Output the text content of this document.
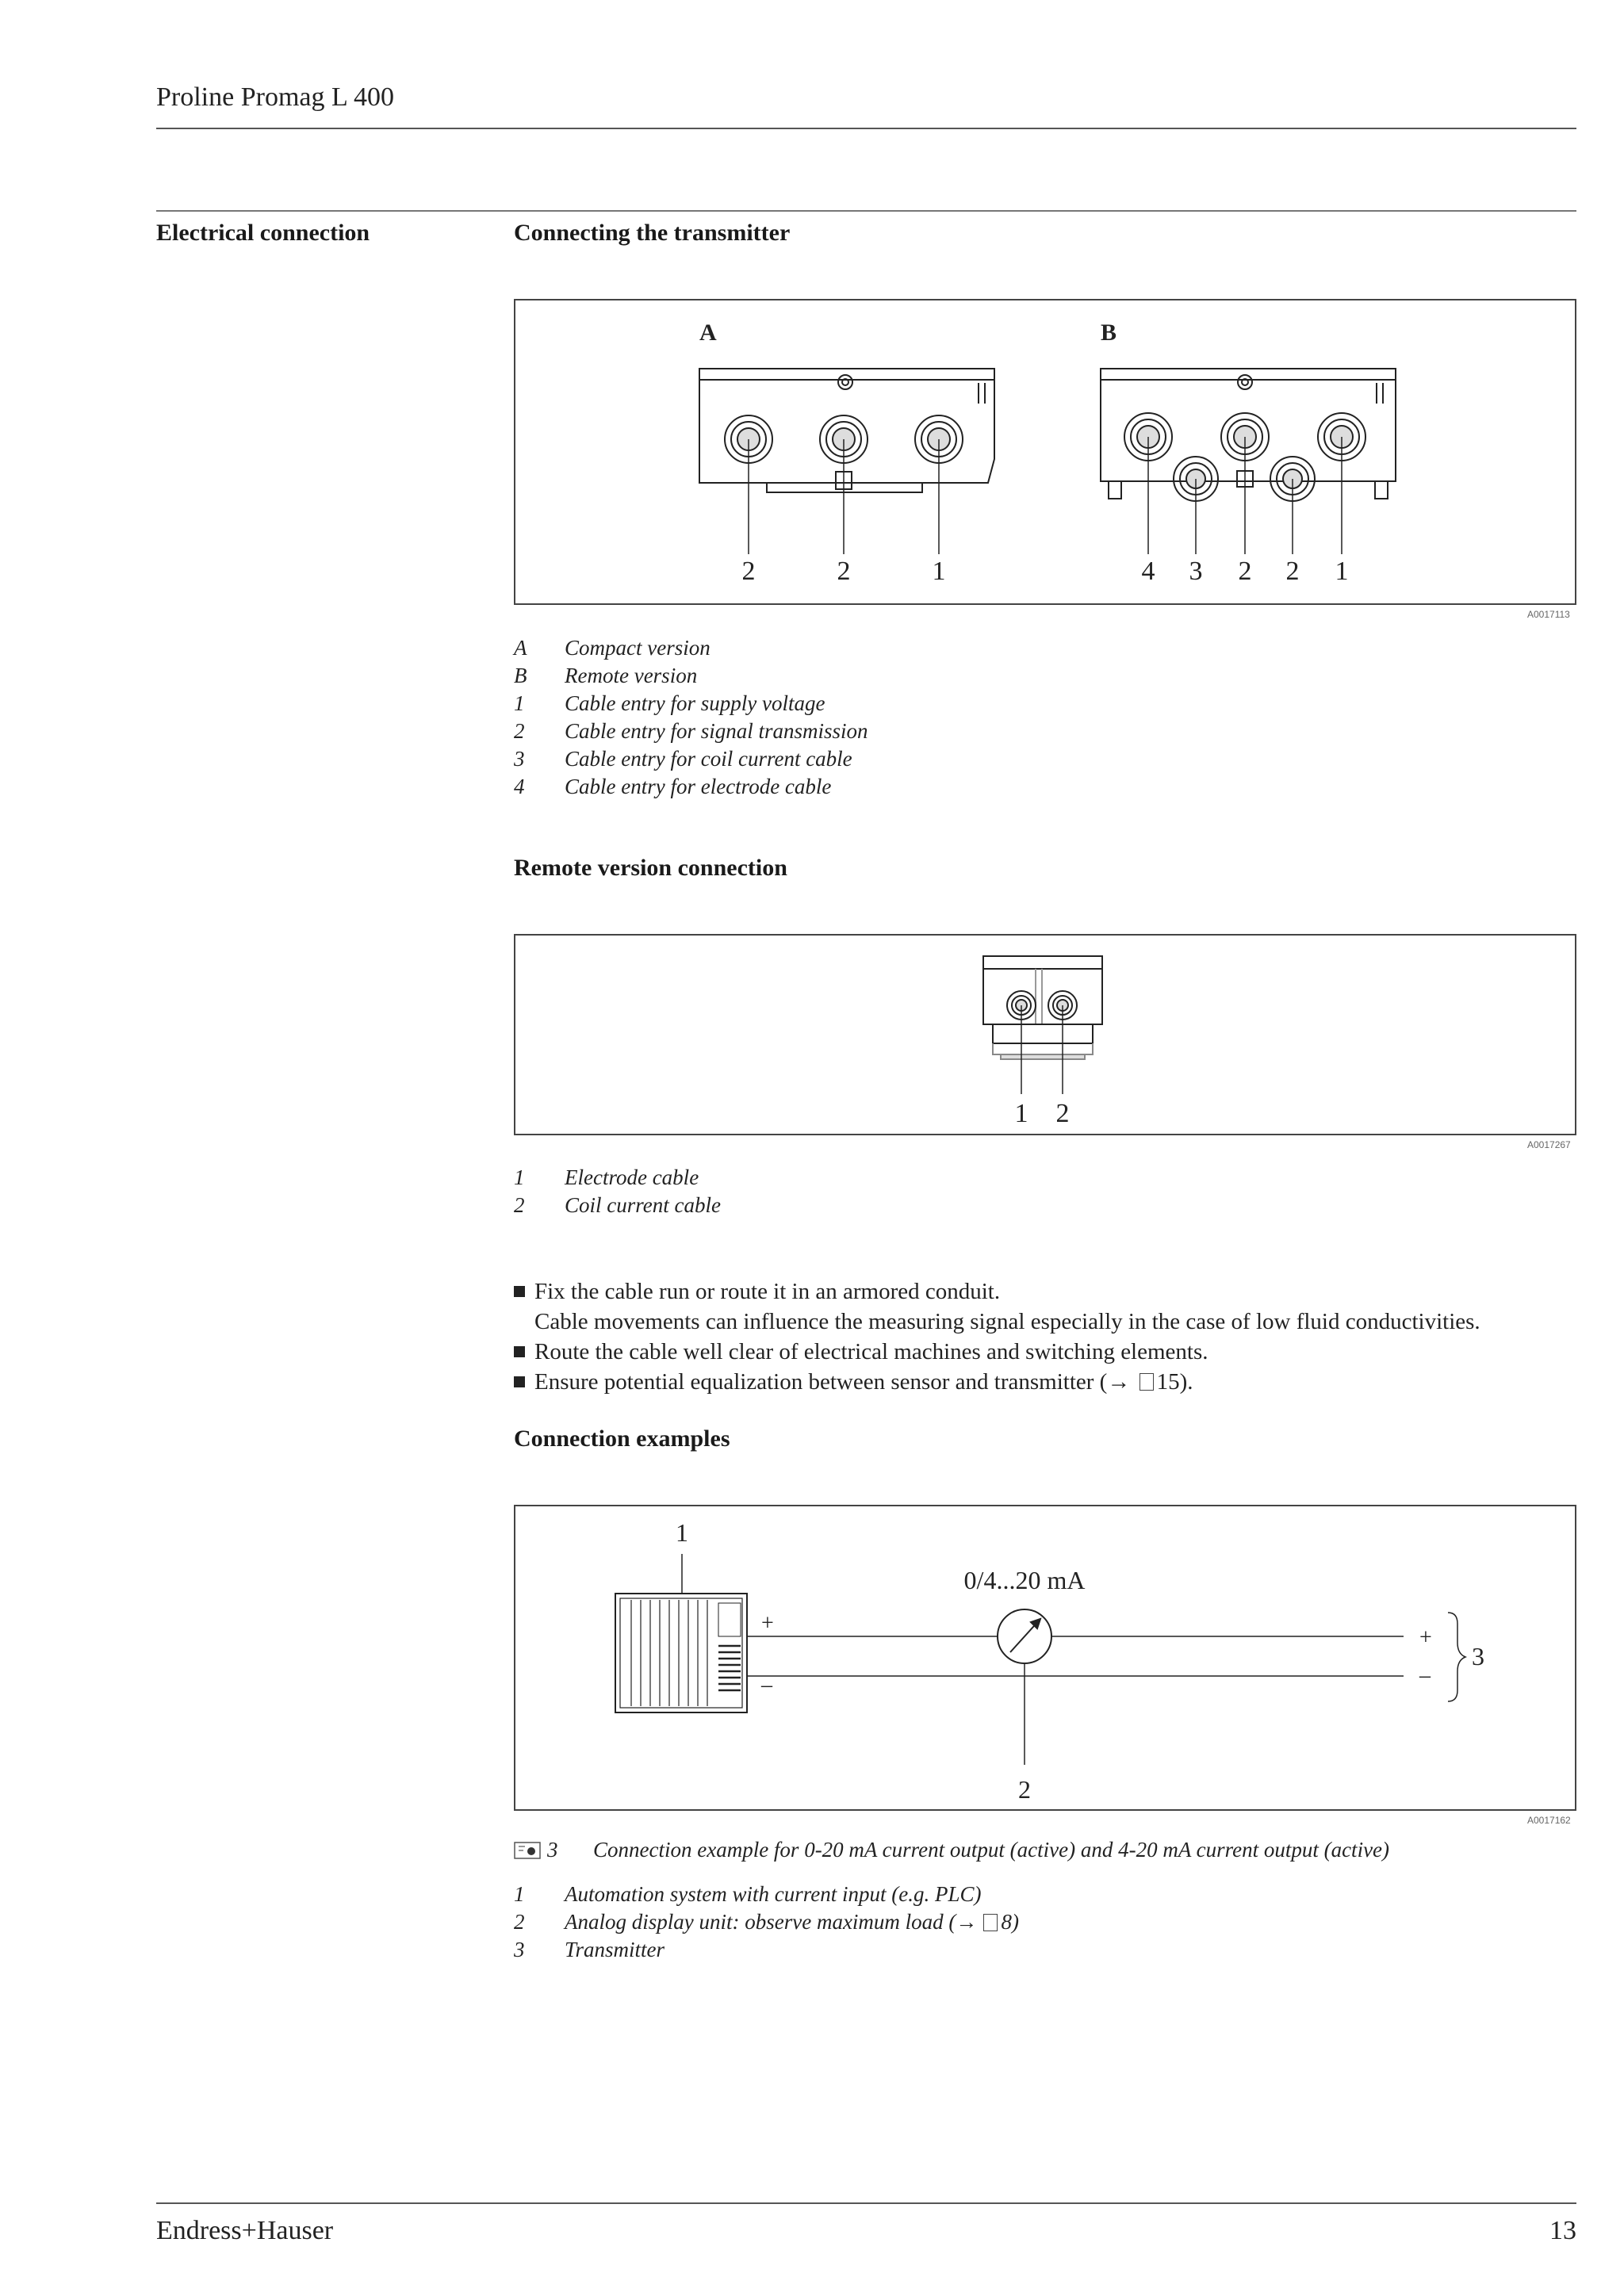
Proline Promag L 400
Electrical connection	Connecting the transmitter
A	B
2	2	1	4 3 2 2 1
A0017113
A	Compact version
B	Remote version
1	Cable entry for supply voltage
2	Cable entry for signal transmission
3	Cable entry for coil current cable
4	Cable entry for electrode cable
Remote version connection
1 2
A0017267
1	Electrode cable
2	Coil current cable
Fix the cable run or route it in an armored conduit.
Cable movements can influence the measuring signal especially in the case of low fluid conductivities.
Route the cable well clear of electrical machines and switching elements.
Ensure potential equalization between sensor and transmitter (→ 15).
Connection examples
1
0/4...20 mA
2
+
–
+
–
3
A0017162
3	Connection example for 0-20 mA current output (active) and 4-20 mA current output (active)
1	Automation system with current input (e.g. PLC)
2	Analog display unit: observe maximum load (→ 8 )
3	Transmitter
Endress+Hauser	13
